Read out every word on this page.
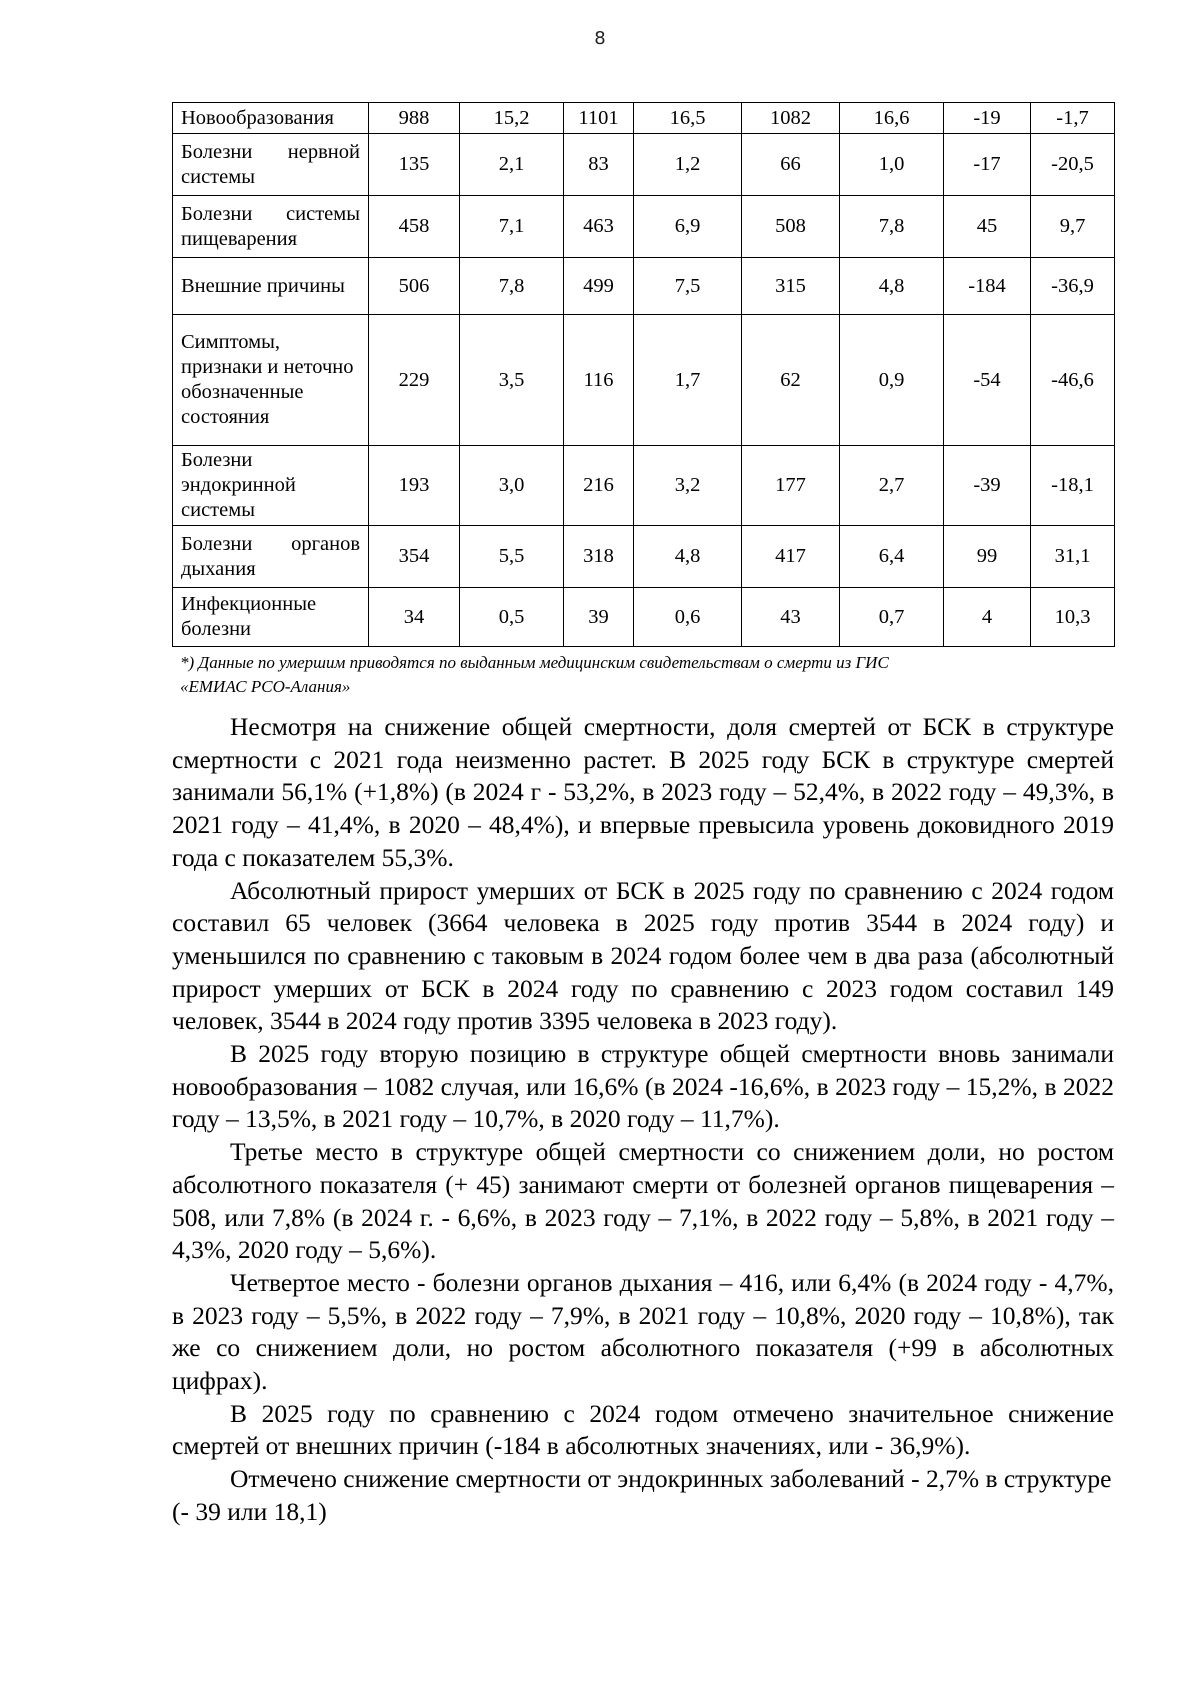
8
Новообразования	988	15,2	1101	16,5	1082	16,6	-19	-1,7
Болезни нервной системы	135	2,1	83	1,2	66	1,0	-17	-20,5
Болезни системы пищеварения	458	7,1	463	6,9	508	7,8	45	9,7
Внешние причины	506	7,8	499	7,5	315	4,8	-184	-36,9
Симптомы, признаки и неточно обозначенные состояния	229	3,5	116	1,7	62	0,9	-54	-46,6
Болезни эндокринной системы	193	3,0	216	3,2	177	2,7	-39	-18,1
Болезни органов дыхания	354	5,5	318	4,8	417	6,4	99	31,1
Инфекционные болезни	34	0,5	39	0,6	43	0,7	4	10,3
*) Данные по умершим приводятся по выданным медицинским свидетельствам о смерти из ГИС «ЕМИАС РСО-Алания»

Несмотря на снижение общей смертности, доля смертей от БСК в структуре смертности с 2021 года неизменно растет. В 2025 году БСК в структуре смертей занимали 56,1% (+1,8%) (в 2024 г - 53,2%, в 2023 году – 52,4%, в 2022 году – 49,3%, в 2021 году – 41,4%, в 2020 – 48,4%), и впервые превысила уровень доковидного 2019 года с показателем 55,3%.

Абсолютный прирост умерших от БСК в 2025 году по сравнению с 2024 годом составил 65 человек (3664 человека в 2025 году против 3544 в 2024 году) и уменьшился по сравнению с таковым в 2024 годом более чем в два раза (абсолютный прирост умерших от БСК в 2024 году по сравнению с 2023 годом составил 149 человек, 3544 в 2024 году против 3395 человека в 2023 году).

В 2025 году вторую позицию в структуре общей смертности вновь занимали новообразования – 1082 случая, или 16,6% (в 2024 -16,6%, в 2023 году – 15,2%, в 2022 году – 13,5%, в 2021 году – 10,7%, в 2020 году – 11,7%).

Третье место в структуре общей смертности со снижением доли, но ростом абсолютного показателя (+ 45) занимают смерти от болезней органов пищеварения – 508, или 7,8% (в 2024 г. - 6,6%, в 2023 году – 7,1%, в 2022 году – 5,8%, в 2021 году – 4,3%, 2020 году – 5,6%).

Четвертое место - болезни органов дыхания – 416, или 6,4% (в 2024 году - 4,7%, в 2023 году – 5,5%, в 2022 году – 7,9%, в 2021 году – 10,8%, 2020 году – 10,8%), так же со снижением доли, но ростом абсолютного показателя (+99 в абсолютных цифрах).

В 2025 году по сравнению с 2024 годом отмечено значительное снижение смертей от внешних причин (-184 в абсолютных значениях, или - 36,9%).

Отмечено снижение смертности от эндокринных заболеваний - 2,7% в структуре (- 39 или 18,1)
